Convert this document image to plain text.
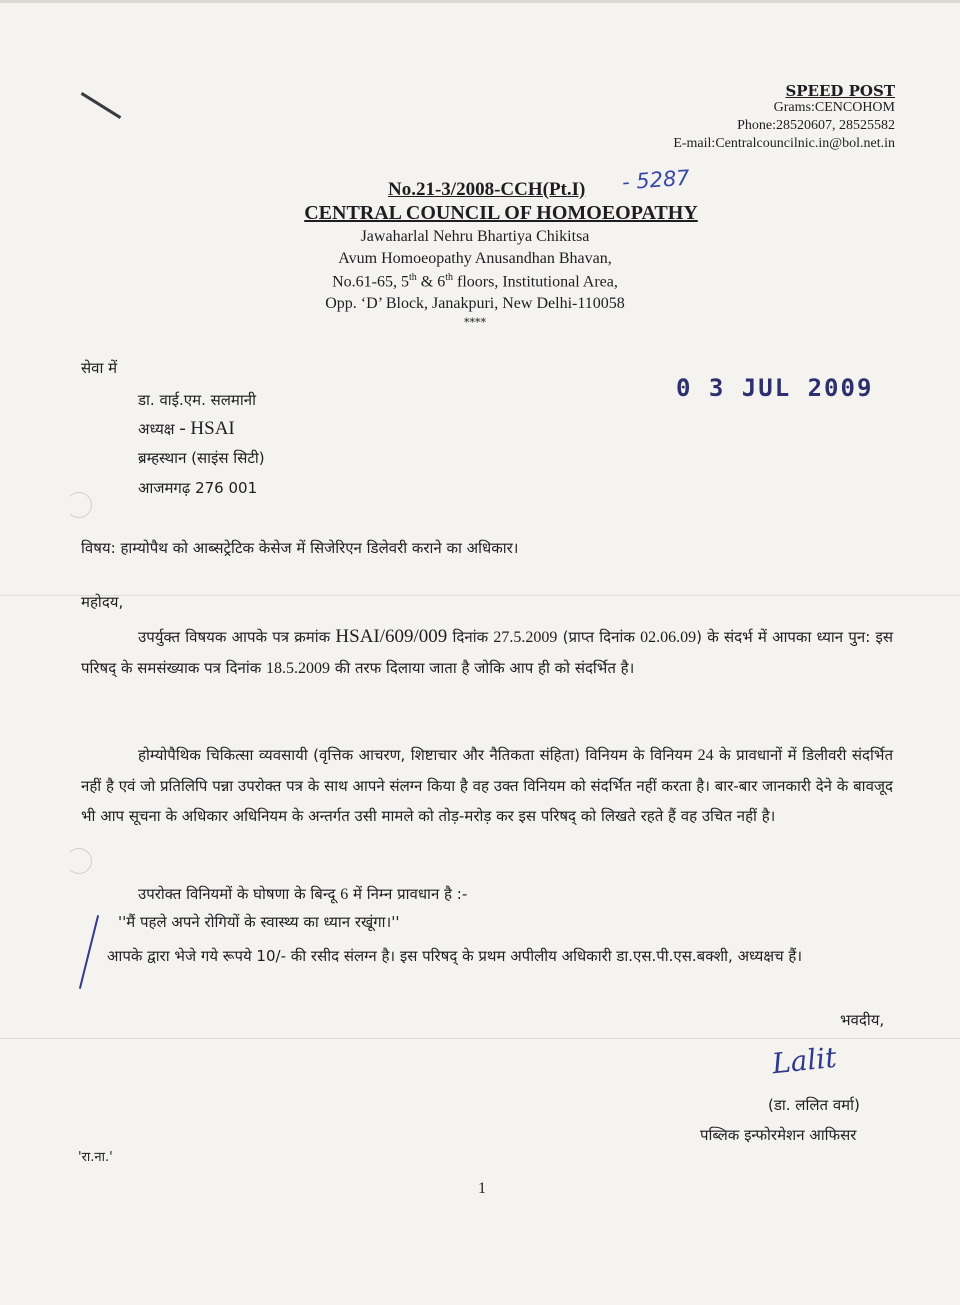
SPEED POST
Grams:CENCOHOM
Phone:28520607, 28525582
E-mail:Centralcouncilnic.in@bol.net.in
No.21-3/2008-CCH(Pt.I) - 5287
CENTRAL COUNCIL OF HOMOEOPATHY
Jawaharlal Nehru Bhartiya Chikitsa
Avum Homoeopathy Anusandhan Bhavan,
No.61-65, 5th & 6th floors, Institutional Area,
Opp. ‘D’ Block, Janakpuri, New Delhi-110058
****
0 3 JUL 2009
सेवा में
डा. वाई.एम. सलमानी
अध्यक्ष - HSAI
ब्रम्हस्थान (साइंस सिटी)
आजमगढ़ 276 001
विषय: हाम्योपैथ को आब्सट्रेटिक केसेज में सिजेरिएन डिलेवरी कराने का अधिकार।
महोदय,
उपर्युक्त विषयक आपके पत्र क्रमांक HSAI/609/009 दिनांक 27.5.2009 (प्राप्त दिनांक 02.06.09) के संदर्भ में आपका ध्यान पुन: इस परिषद् के समसंख्याक पत्र दिनांक 18.5.2009 की तरफ दिलाया जाता है जोकि आप ही को संदर्भित है।
होम्योपैथिक चिकित्सा व्यवसायी (वृत्तिक आचरण, शिष्टाचार और नैतिकता संहिता) विनियम के विनियम 24 के प्रावधानों में डिलीवरी संदर्भित नहीं है एवं जो प्रतिलिपि पन्ना उपरोक्त पत्र के साथ आपने संलग्न किया है वह उक्त विनियम को संदर्भित नहीं करता है। बार-बार जानकारी देने के बावजूद भी आप सूचना के अधिकार अधिनियम के अन्तर्गत उसी मामले को तोड़-मरोड़ कर इस परिषद् को लिखते रहते हैं वह उचित नहीं है।
उपरोक्त विनियमों के घोषणा के बिन्दू 6 में निम्न प्रावधान है :-
''मैं पहले अपने रोगियों के स्वास्थ्य का ध्यान रखूंगा।''
आपके द्वारा भेजे गये रूपये 10/- की रसीद संलग्न है। इस परिषद् के प्रथम अपीलीय अधिकारी डा.एस.पी.एस.बक्शी, अध्यक्षच हैं।
भवदीय,
Lalit
(डा. ललित वर्मा)
पब्लिक इन्फोरमेशन आफिसर
'रा.ना.'
1
